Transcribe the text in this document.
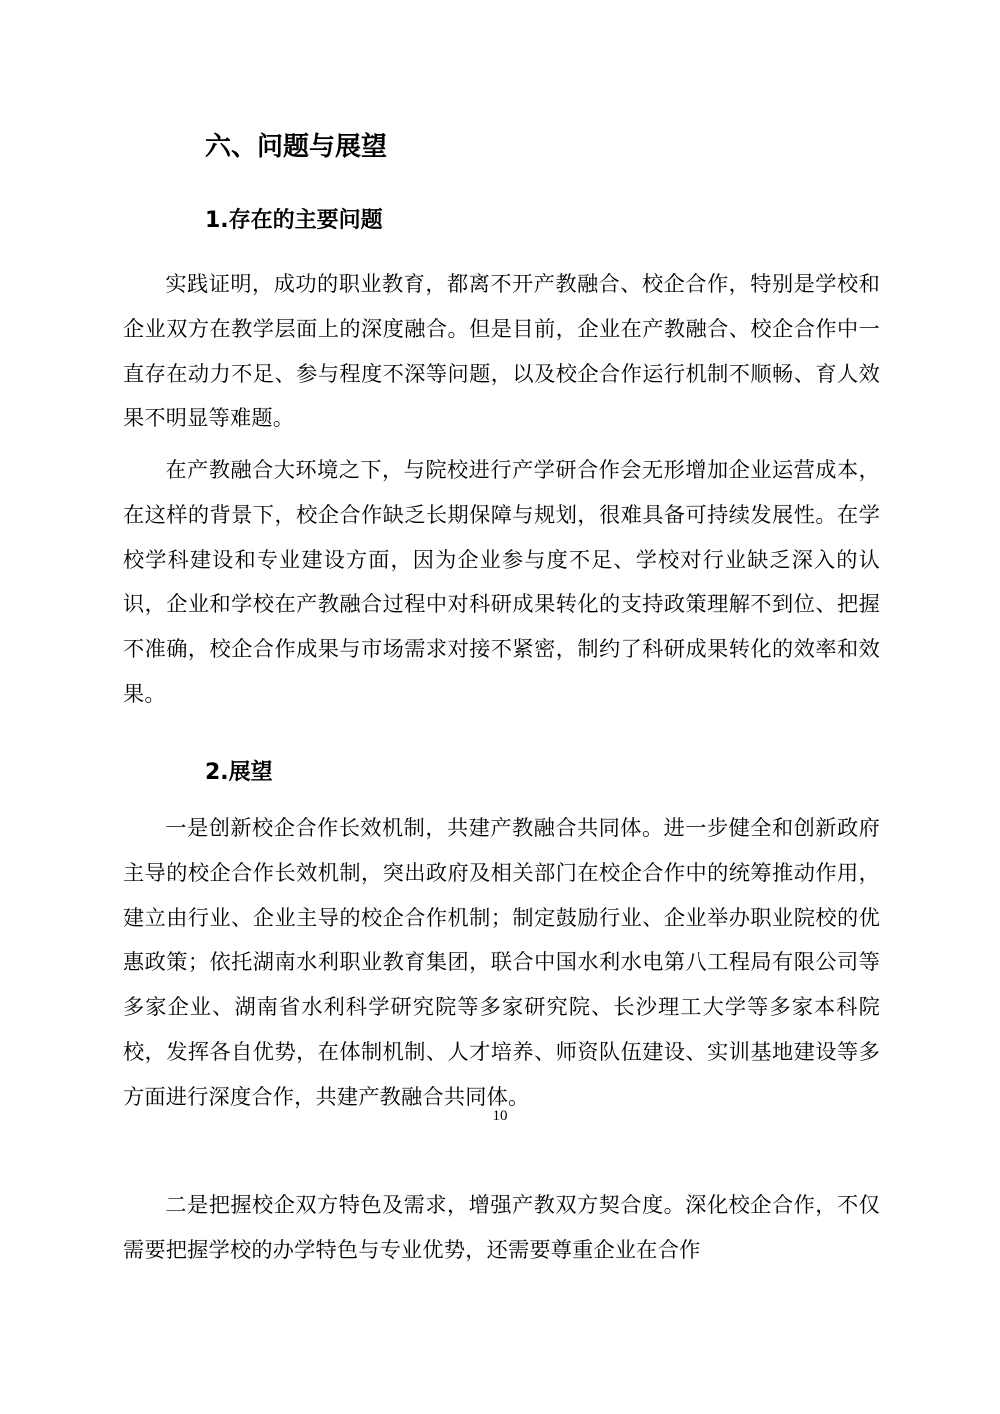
六、问题与展望
1.存在的主要问题

实践证明，成功的职业教育，都离不开产教融合、校企合作，特别是学校和企业双方在教学层面上的深度融合。但是目前，企业在产教融合、校企合作中一直存在动力不足、参与程度不深等问题，以及校企合作运行机制不顺畅、育人效果不明显等难题。

在产教融合大环境之下，与院校进行产学研合作会无形增加企业运营成本，在这样的背景下，校企合作缺乏长期保障与规划，很难具备可持续发展性。在学校学科建设和专业建设方面，因为企业参与度不足、学校对行业缺乏深入的认识，企业和学校在产教融合过程中对科研成果转化的支持政策理解不到位、把握不准确，校企合作成果与市场需求对接不紧密，制约了科研成果转化的效率和效果。

2.展望

一是创新校企合作长效机制，共建产教融合共同体。进一步健全和创新政府主导的校企合作长效机制，突出政府及相关部门在校企合作中的统筹推动作用，建立由行业、企业主导的校企合作机制；制定鼓励行业、企业举办职业院校的优惠政策；依托湖南水利职业教育集团，联合中国水利水电第八工程局有限公司等多家企业、湖南省水利科学研究院等多家研究院、长沙理工大学等多家本科院校，发挥各自优势，在体制机制、人才培养、师资队伍建设、实训基地建设等多方面进行深度合作，共建产教融合共同体。

二是把握校企双方特色及需求，增强产教双方契合度。深化校企合作，不仅需要把握学校的办学特色与专业优势，还需要尊重企业在合作

10
